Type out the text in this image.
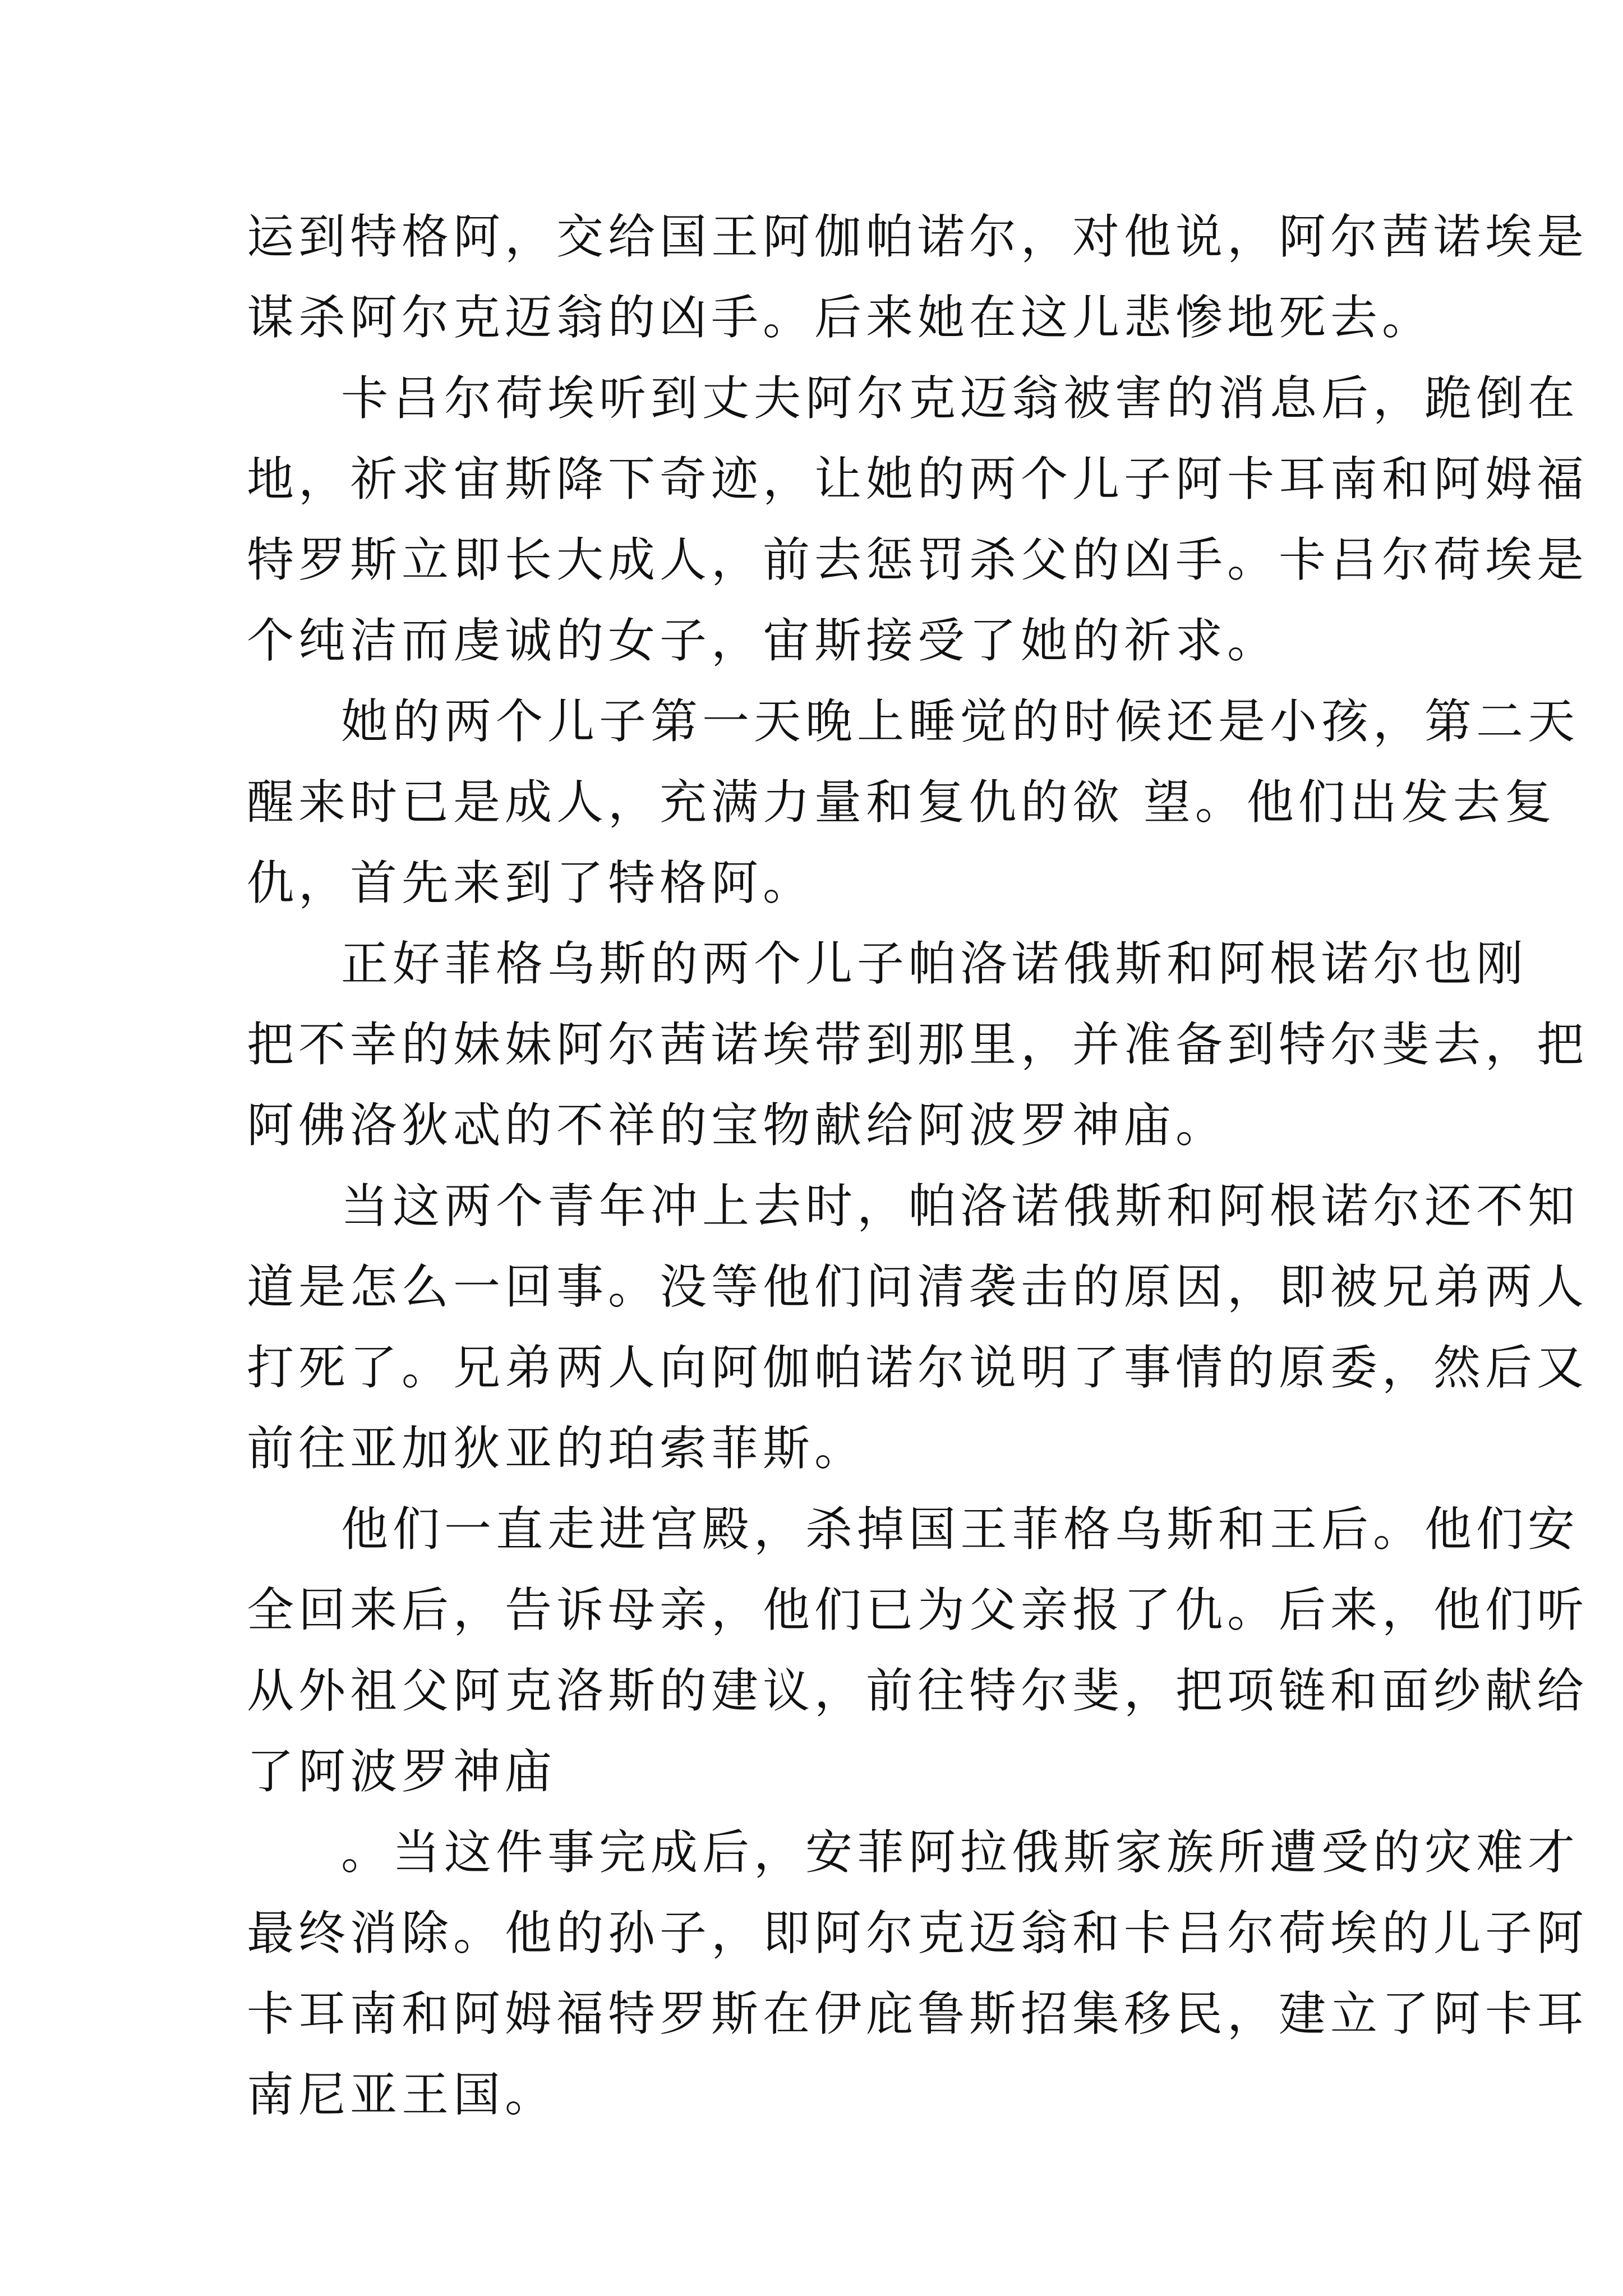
运到特格阿，交给国王阿伽帕诺尔，对他说，阿尔茜诺埃是
谋杀阿尔克迈翁的凶手。后来她在这儿悲惨地死去。
卡吕尔荷埃听到丈夫阿尔克迈翁被害的消息后，跪倒在
地，祈求宙斯降下奇迹，让她的两个儿子阿卡耳南和阿姆福
特罗斯立即长大成人，前去惩罚杀父的凶手。卡吕尔荷埃是
个纯洁而虔诚的女子，宙斯接受了她的祈求。
她的两个儿子第一天晚上睡觉的时候还是小孩，第二天
醒来时已是成人，充满力量和复仇的欲 望。他们出发去复
仇，首先来到了特格阿。
正好菲格乌斯的两个儿子帕洛诺俄斯和阿根诺尔也刚
把不幸的妹妹阿尔茜诺埃带到那里，并准备到特尔斐去，把
阿佛洛狄忒的不祥的宝物献给阿波罗神庙。
当这两个青年冲上去时，帕洛诺俄斯和阿根诺尔还不知
道是怎么一回事。没等他们问清袭击的原因，即被兄弟两人
打死了。兄弟两人向阿伽帕诺尔说明了事情的原委，然后又
前往亚加狄亚的珀索菲斯。
他们一直走进宫殿，杀掉国王菲格乌斯和王后。他们安
全回来后，告诉母亲，他们已为父亲报了仇。后来，他们听
从外祖父阿克洛斯的建议，前往特尔斐，把项链和面纱献给
了阿波罗神庙
。当这件事完成后，安菲阿拉俄斯家族所遭受的灾难才
最终消除。他的孙子，即阿尔克迈翁和卡吕尔荷埃的儿子阿
卡耳南和阿姆福特罗斯在伊庇鲁斯招集移民，建立了阿卡耳
南尼亚王国。
